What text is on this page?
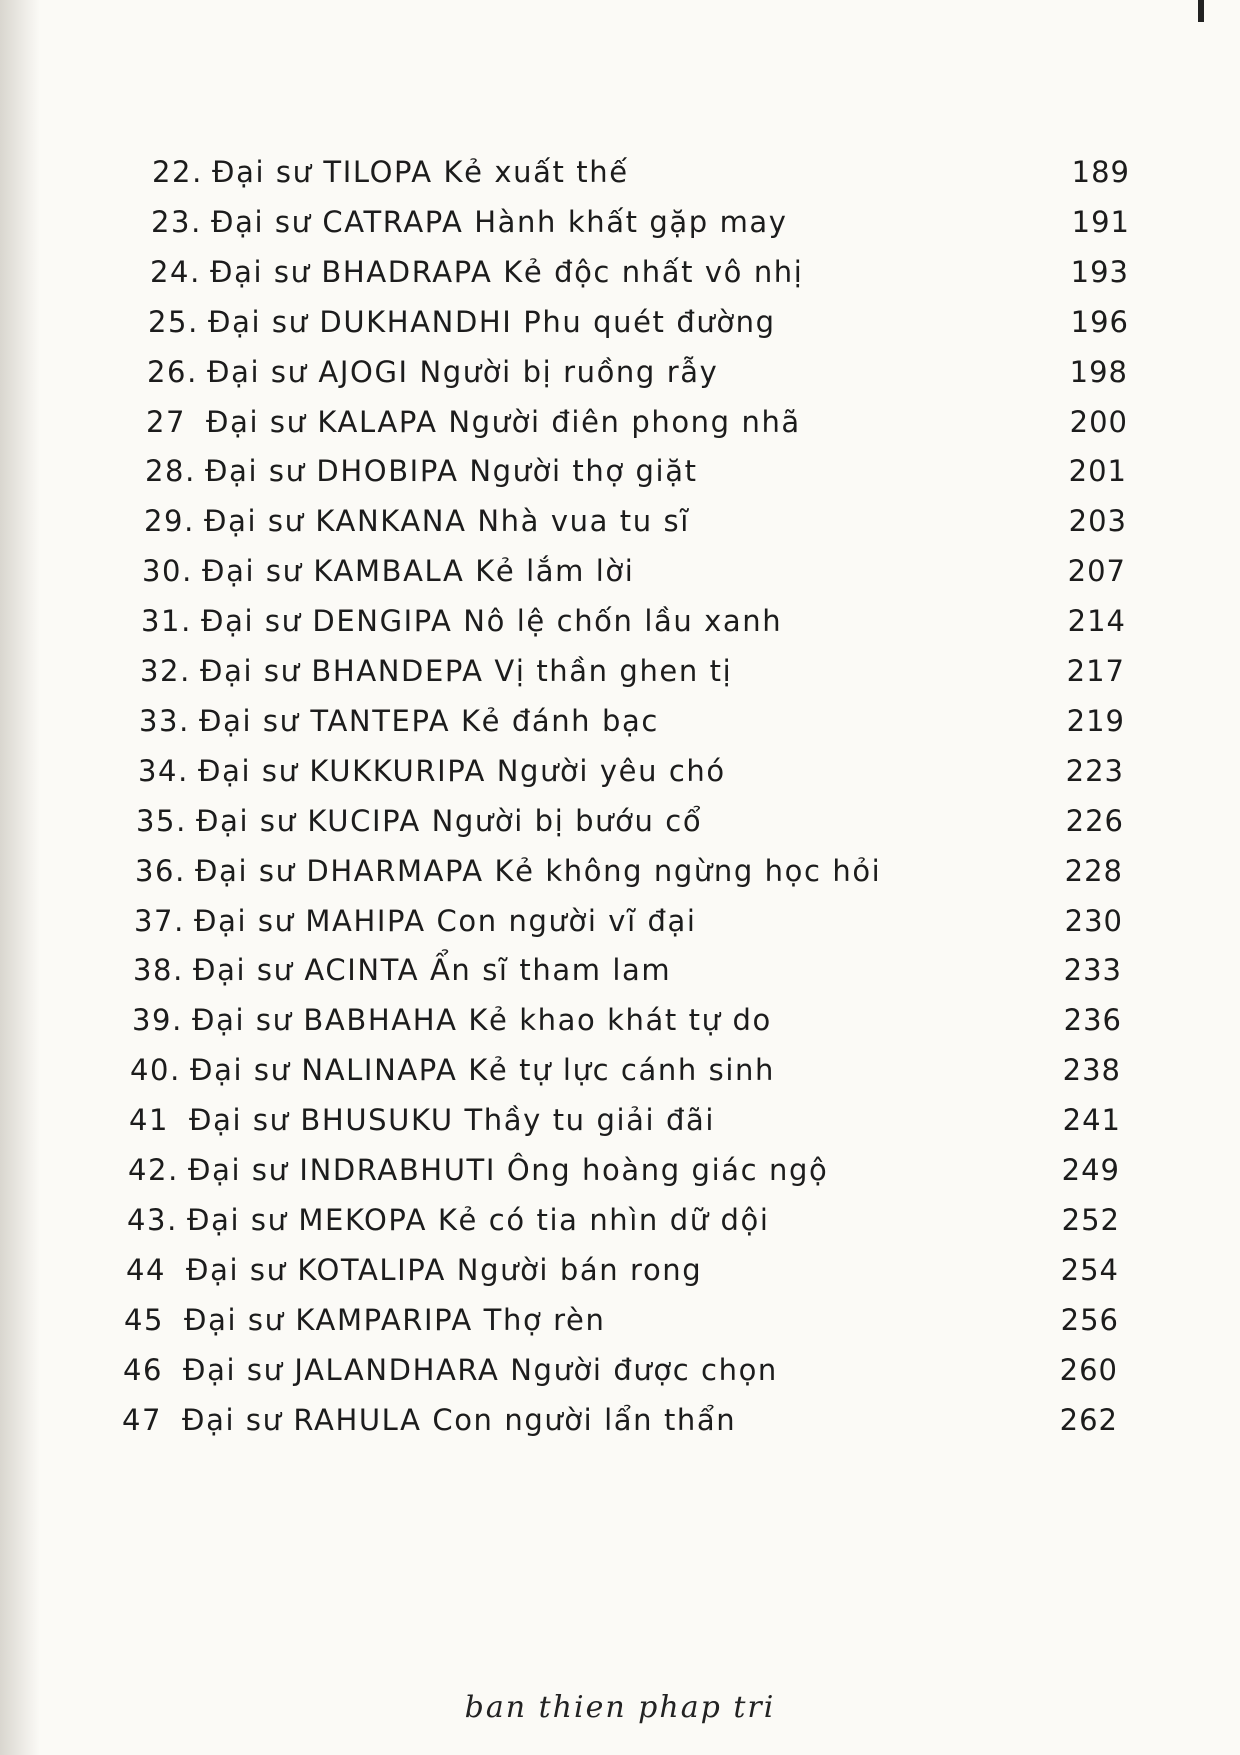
22. Đại sư TILOPA Kẻ xuất thế	189
23. Đại sư CATRAPA Hành khất gặp may	191
24. Đại sư BHADRAPA Kẻ độc nhất vô nhị	193
25. Đại sư DUKHANDHI Phu quét đường	196
26. Đại sư AJOGI Người bị ruồng rẫy	198
27 Đại sư KALAPA Người điên phong nhã	200
28. Đại sư DHOBIPA Người thợ giặt	201
29. Đại sư KANKANA Nhà vua tu sĩ	203
30. Đại sư KAMBALA Kẻ lắm lời	207
31. Đại sư DENGIPA Nô lệ chốn lầu xanh	214
32. Đại sư BHANDEPA Vị thần ghen tị	217
33. Đại sư TANTEPA Kẻ đánh bạc	219
34. Đại sư KUKKURIPA Người yêu chó	223
35. Đại sư KUCIPA Người bị bướu cổ	226
36. Đại sư DHARMAPA Kẻ không ngừng học hỏi	228
37. Đại sư MAHIPA Con người vĩ đại	230
38. Đại sư ACINTA Ẩn sĩ tham lam	233
39. Đại sư BABHAHA Kẻ khao khát tự do	236
40. Đại sư NALINAPA Kẻ tự lực cánh sinh	238
41 Đại sư BHUSUKU Thầy tu giải đãi	241
42. Đại sư INDRABHUTI Ông hoàng giác ngộ	249
43. Đại sư MEKOPA Kẻ có tia nhìn dữ dội	252
44 Đại sư KOTALIPA Người bán rong	254
45 Đại sư KAMPARIPA Thợ rèn	256
46 Đại sư JALANDHARA Người được chọn	260
47 Đại sư RAHULA Con người lẩn thẩn	262
ban thien phap tri
